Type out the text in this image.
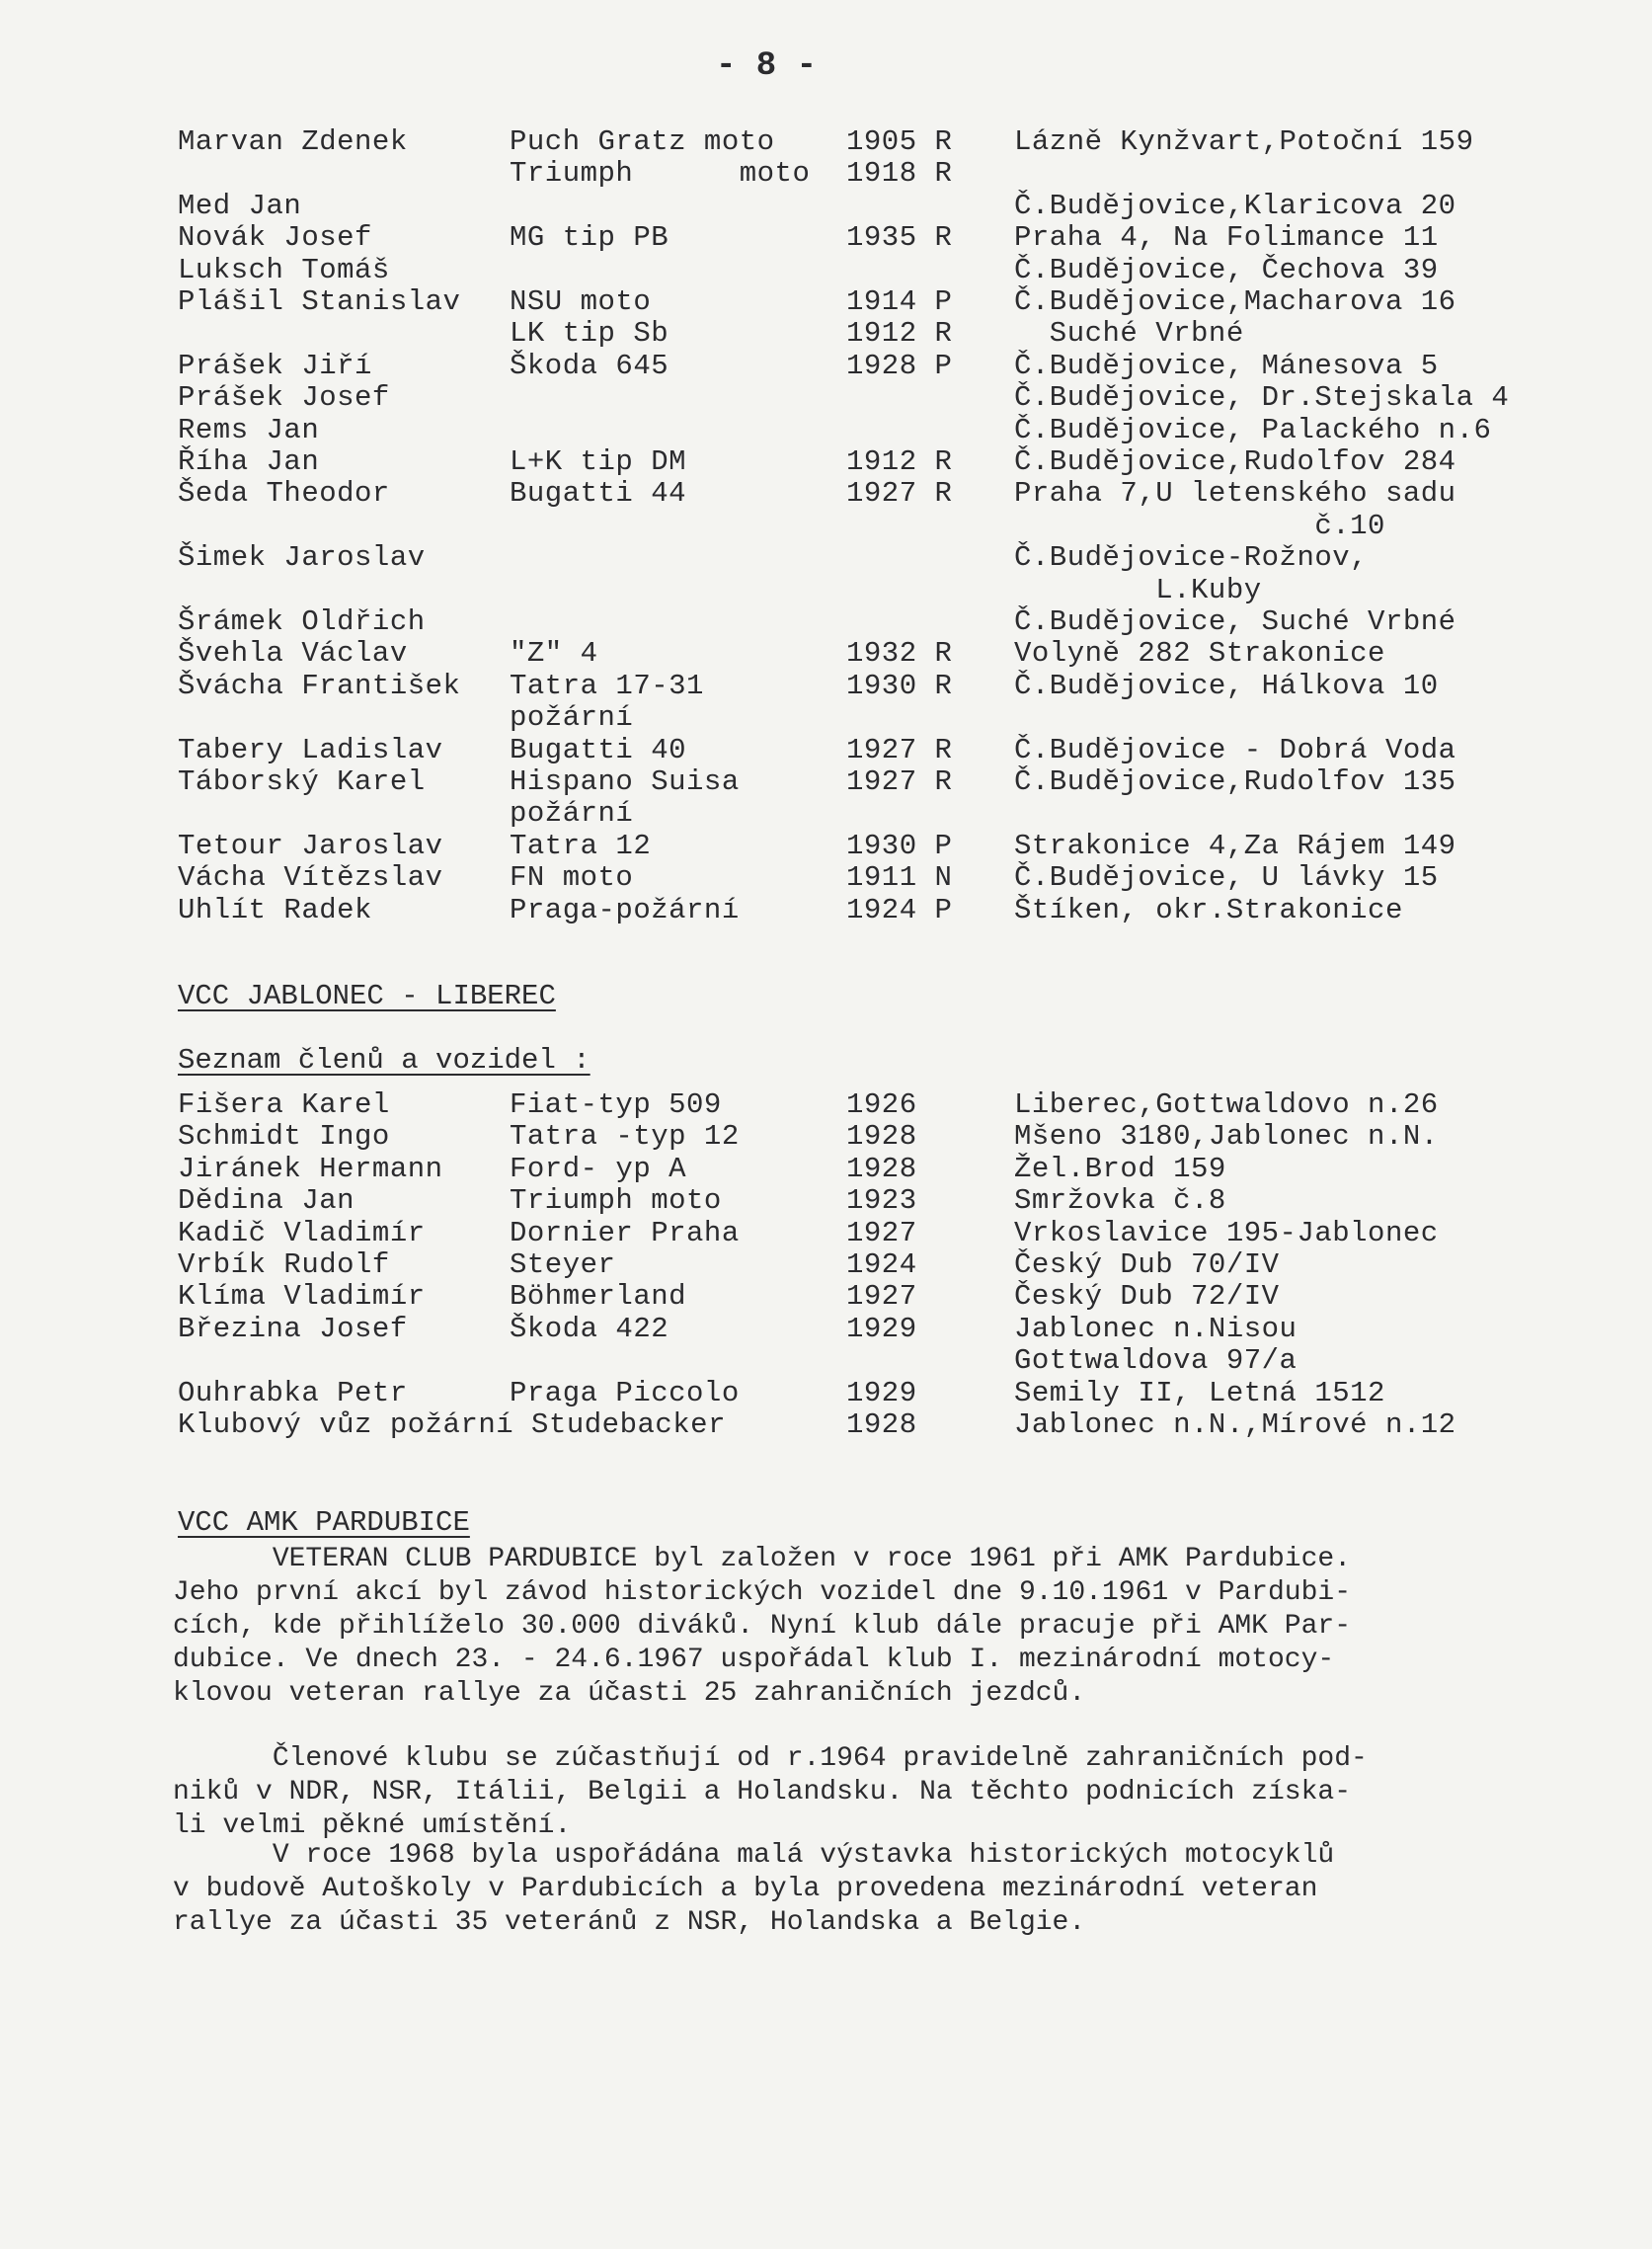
- 8 -
Marvan Zdenek	Puch Gratz moto 1905 R Lázně Kynžvart,Potoční 159
Triumph      moto 1918 R
Med Jan	Č.Budějovice,Klaricova 20
Novák Josef	MG tip PB	1935 R Praha 4, Na Folimance 11
Luksch Tomáš	Č.Budějovice, Čechova 39
Plášil Stanislav NSU moto	1914 P Č.Budějovice,Macharova 16
LK tip Sb	1912 R Suché Vrbné
Prášek Jiří	Škoda 645	1928 P Č.Budějovice, Mánesova 5
Prášek Josef	Č.Budějovice, Dr.Stejskala 4
Rems Jan	Č.Budějovice, Palackého n.6
Říha Jan	L+K tip DM	1912 R Č.Budějovice,Rudolfov 284
Šeda Theodor	Bugatti 44	1927 R Praha 7,U letenského sadu
č.10
Šimek Jaroslav	Č.Budějovice-Rožnov,
L.Kuby
Šrámek Oldřich	Č.Budějovice, Suché Vrbné
Švehla Václav	"Z" 4	1932 R Volyně 282 Strakonice
Švácha František Tatra 17-31	1930 R Č.Budějovice, Hálkova 10
požární
Tabery Ladislav Bugatti 40	1927 R Č.Budějovice - Dobrá Voda
Táborský Karel	Hispano Suisa	1927 R Č.Budějovice,Rudolfov 135
požární
Tetour Jaroslav Tatra 12	1930 P Strakonice 4,Za Rájem 149
Vácha Vítězslav FN moto	1911 N Č.Budějovice, U lávky 15
Uhlít Radek	Praga-požární	1924 P Štíken, okr.Strakonice
VCC JABLONEC - LIBEREC
Seznam členů a vozidel :
Fišera Karel	Fiat-typ 509	1926	Liberec,Gottwaldovo n.26
Schmidt Ingo	Tatra -typ 12	1928	Mšeno 3180,Jablonec n.N.
Jiránek Hermann Ford- yp A	1928	Žel.Brod 159
Dědina Jan	Triumph moto	1923	Smržovka č.8
Kadič Vladimír	Dornier Praha	1927	Vrkoslavice 195-Jablonec
Vrbík Rudolf	Steyer	1924	Český Dub 70/IV
Klíma Vladimír	Böhmerland	1927	Český Dub 72/IV
Březina Josef	Škoda 422	1929	Jablonec n.Nisou
Gottwaldova 97/a
Ouhrabka Petr	Praga Piccolo	1929	Semily II, Letná 1512
Klubový vůz požární Studebacker	1928	Jablonec n.N.,Mírové n.12
VCC AMK PARDUBICE
VETERAN CLUB PARDUBICE byl založen v roce 1961 při AMK Pardubice.
Jeho první akcí byl závod historických vozidel dne 9.10.1961 v Pardubi-
cích, kde přihlíželo 30.000 diváků. Nyní klub dále pracuje při AMK Par-
dubice. Ve dnech 23. - 24.6.1967 uspořádal klub I. mezinárodní motocy-
klovou veteran rallye za účasti 25 zahraničních jezdců.
Členové klubu se zúčastňují od r.1964 pravidelně zahraničních pod-
niků v NDR, NSR, Itálii, Belgii a Holandsku. Na těchto podnicích získa-
li velmi pěkné umístění.
V roce 1968 byla uspořádána malá výstavka historických motocyklů
v budově Autoškoly v Pardubicích a byla provedena mezinárodní veteran
rallye za účasti 35 veteránů z NSR, Holandska a Belgie.
